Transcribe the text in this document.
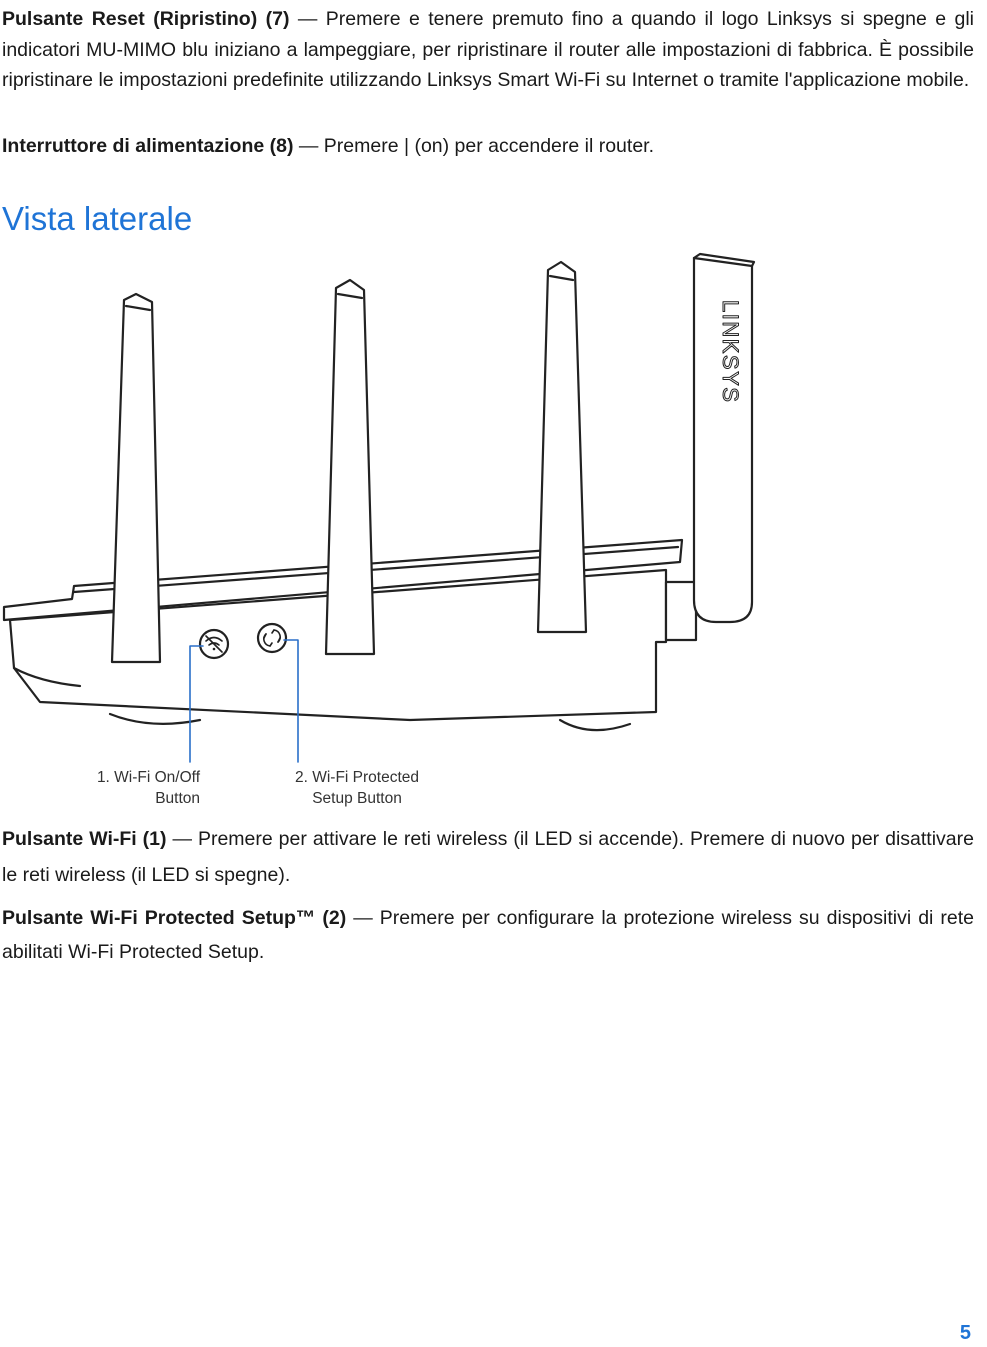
Pulsante Reset (Ripristino) (7) — Premere e tenere premuto fino a quando il logo Linksys si spegne e gli indicatori MU-MIMO blu iniziano a lampeggiare, per ripristinare il router alle impostazioni di fabbrica. È possibile ripristinare le impostazioni predefinite utilizzando Linksys Smart Wi-Fi su Internet o tramite l'applicazione mobile.

Interruttore di alimentazione (8) — Premere | (on) per accendere il router.

Vista laterale
LINKSYS
1. Wi-Fi On/Off
Button
2. Wi-Fi Protected
Setup Button

Pulsante Wi-Fi (1) — Premere per attivare le reti wireless (il LED si accende). Premere di nuovo per disattivare le reti wireless (il LED si spegne).

Pulsante Wi-Fi Protected Setup™ (2) — Premere per configurare la protezione wireless su dispositivi di rete abilitati Wi-Fi Protected Setup.

5
